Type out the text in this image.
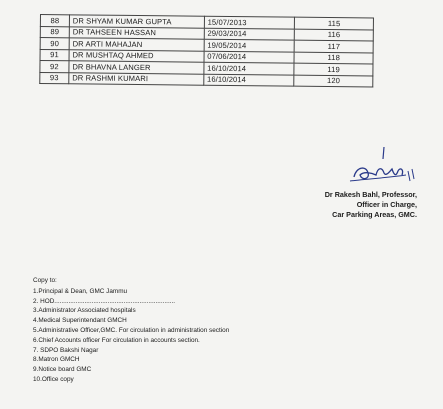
88	DR SHYAM KUMAR GUPTA	15/07/2013	115
89	DR TAHSEEN HASSAN	29/03/2014	116
90	DR ARTI MAHAJAN	19/05/2014	117
91	DR MUSHTAQ AHMED	07/06/2014	118
92	DR BHAVNA LANGER	16/10/2014	119
93	DR RASHMI KUMARI	16/10/2014	120
Dr Rakesh Bahl, Professor,
Officer in Charge,
Car Parking Areas, GMC.
Copy to:
1.Principal & Dean, GMC Jammu
2. HOD....................................................................
3.Administrator Associated hospitals
4.Medical Superintendant GMCH
5.Administrative Officer,GMC. For circulation in administration section
6.Chief Accounts officer For circulation in accounts section.
7. SDPO Bakshi Nagar
8.Matron GMCH
9.Notice board GMC
10.Office copy
